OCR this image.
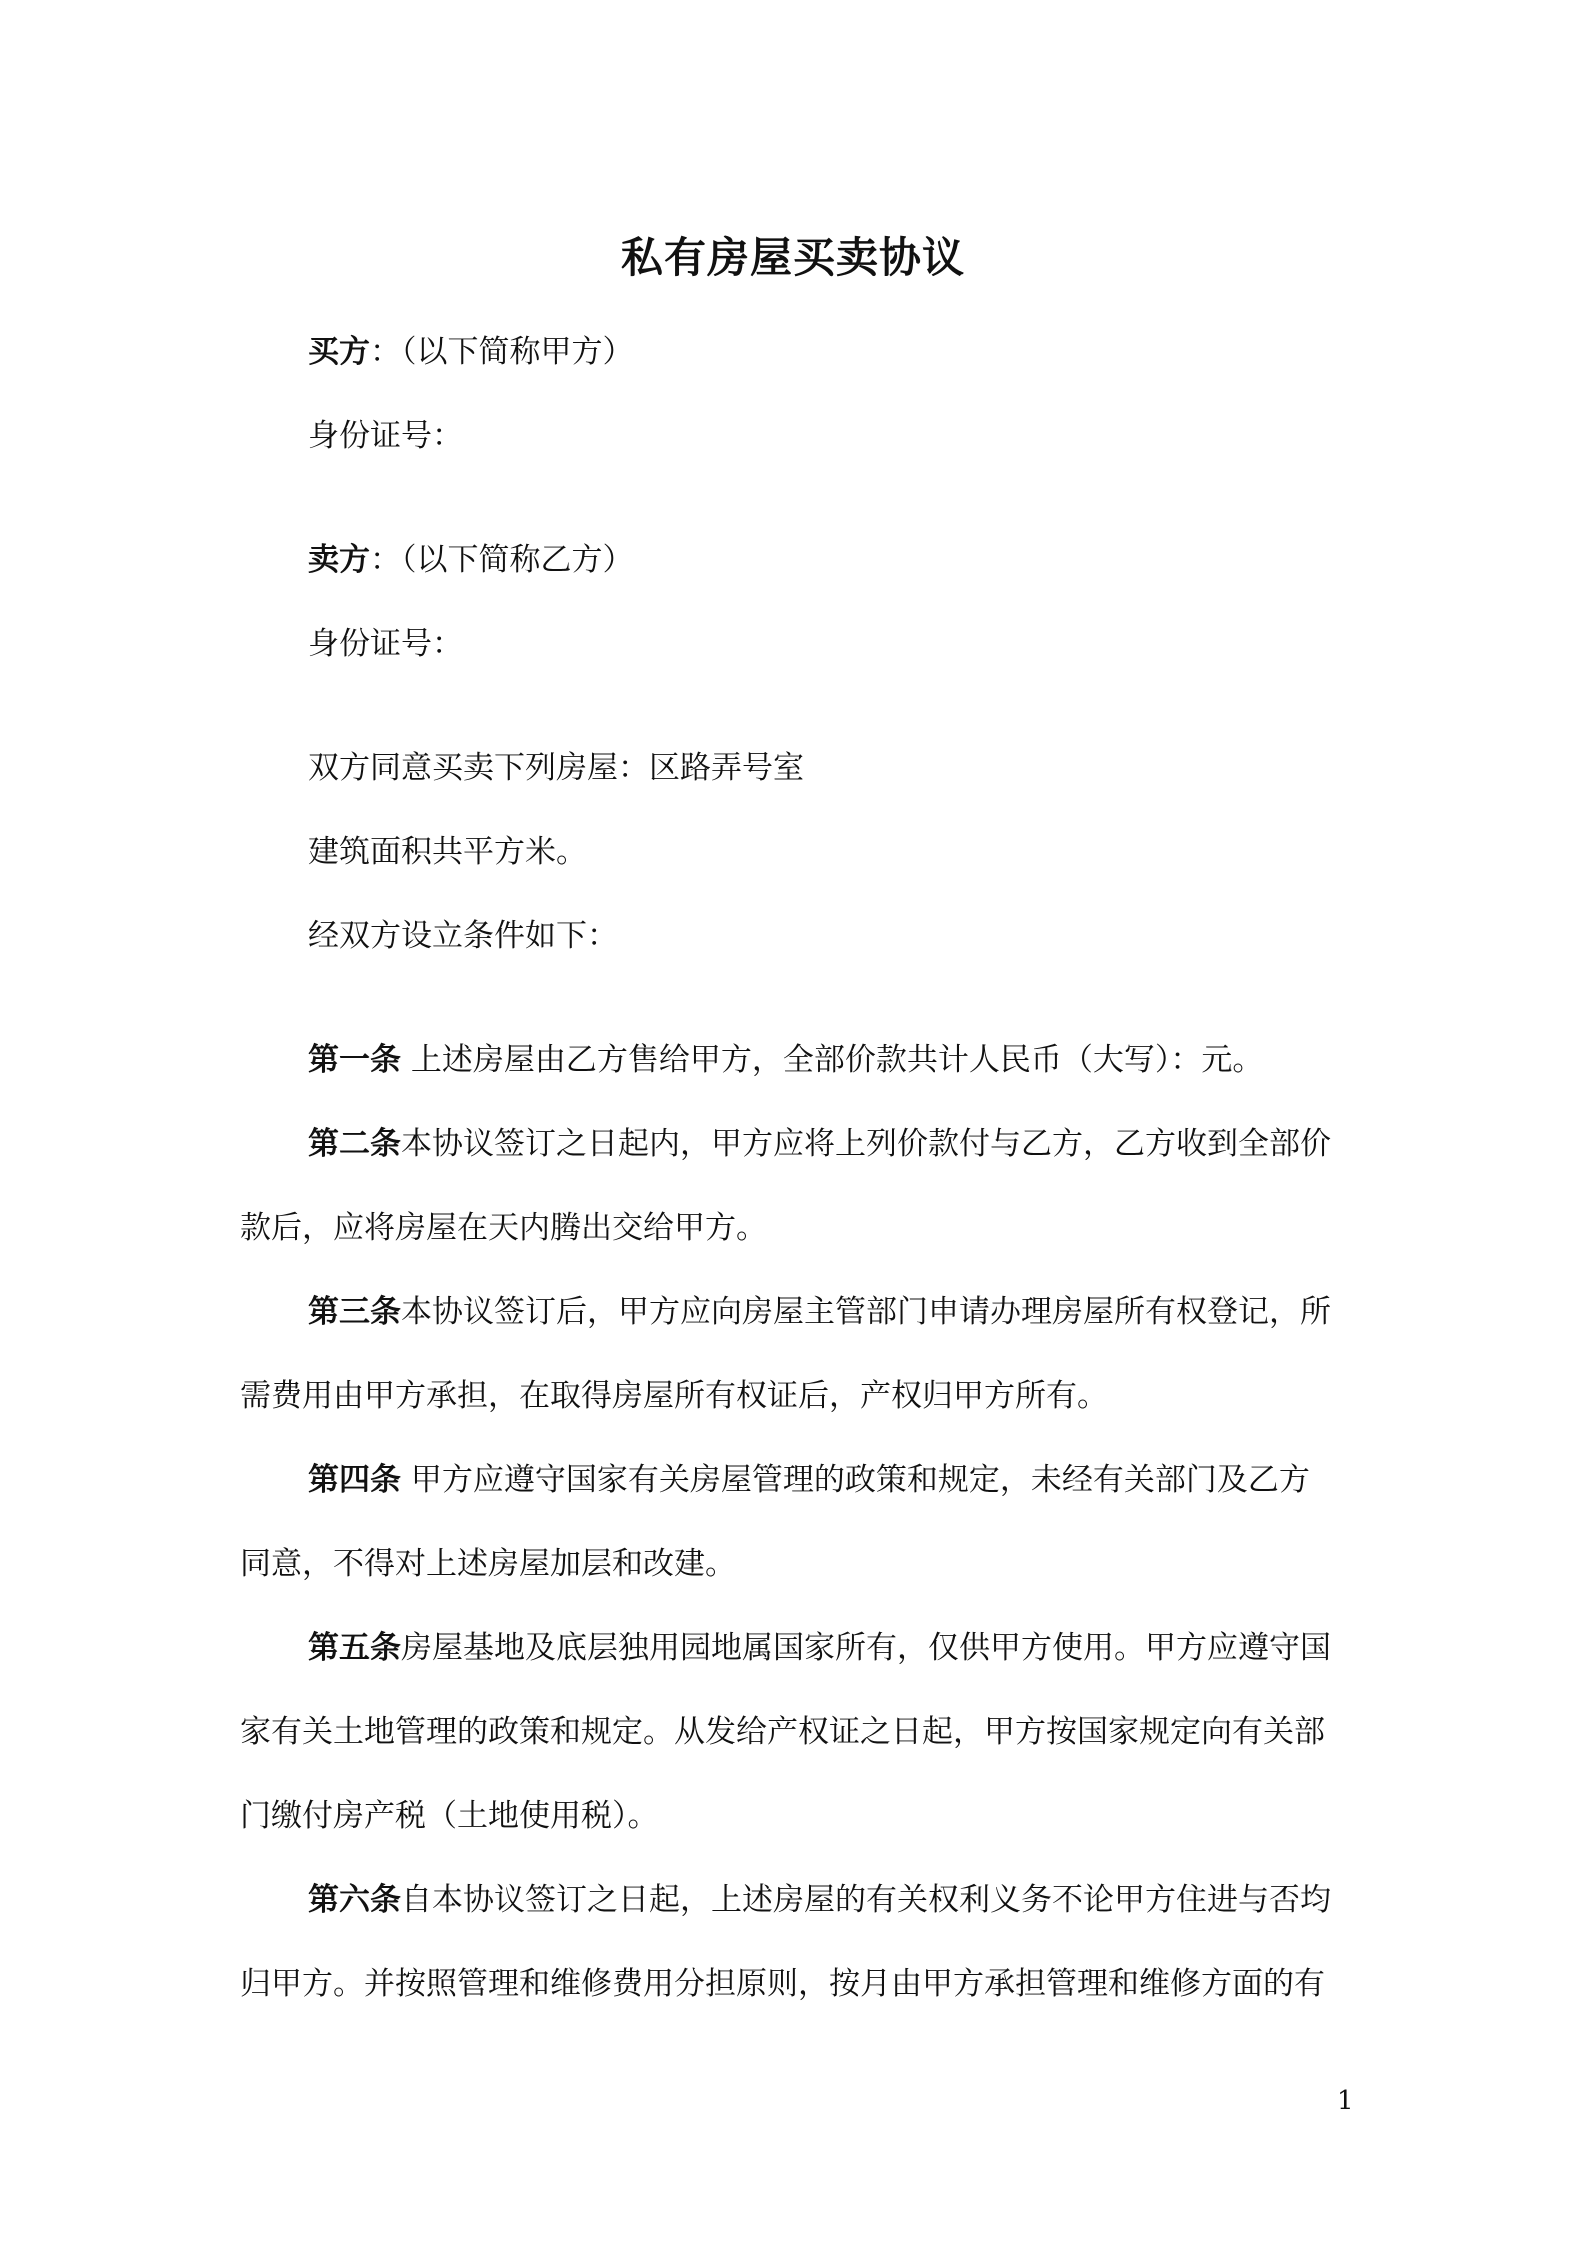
私有房屋买卖协议
买方：（以下简称甲方）
身份证号：
卖方：（以下简称乙方）
身份证号：
双方同意买卖下列房屋：区路弄号室
建筑面积共平方米。
经双方设立条件如下：
第一条 上述房屋由乙方售给甲方，全部价款共计人民币（大写）：元。
第二条本协议签订之日起内，甲方应将上列价款付与乙方，乙方收到全部价
款后，应将房屋在天内腾出交给甲方。
第三条本协议签订后，甲方应向房屋主管部门申请办理房屋所有权登记，所
需费用由甲方承担，在取得房屋所有权证后，产权归甲方所有。
第四条 甲方应遵守国家有关房屋管理的政策和规定，未经有关部门及乙方
同意，不得对上述房屋加层和改建。
第五条房屋基地及底层独用园地属国家所有，仅供甲方使用。甲方应遵守国
家有关土地管理的政策和规定。从发给产权证之日起，甲方按国家规定向有关部
门缴付房产税（土地使用税）。
第六条自本协议签订之日起，上述房屋的有关权利义务不论甲方住进与否均
归甲方。并按照管理和维修费用分担原则，按月由甲方承担管理和维修方面的有
1
